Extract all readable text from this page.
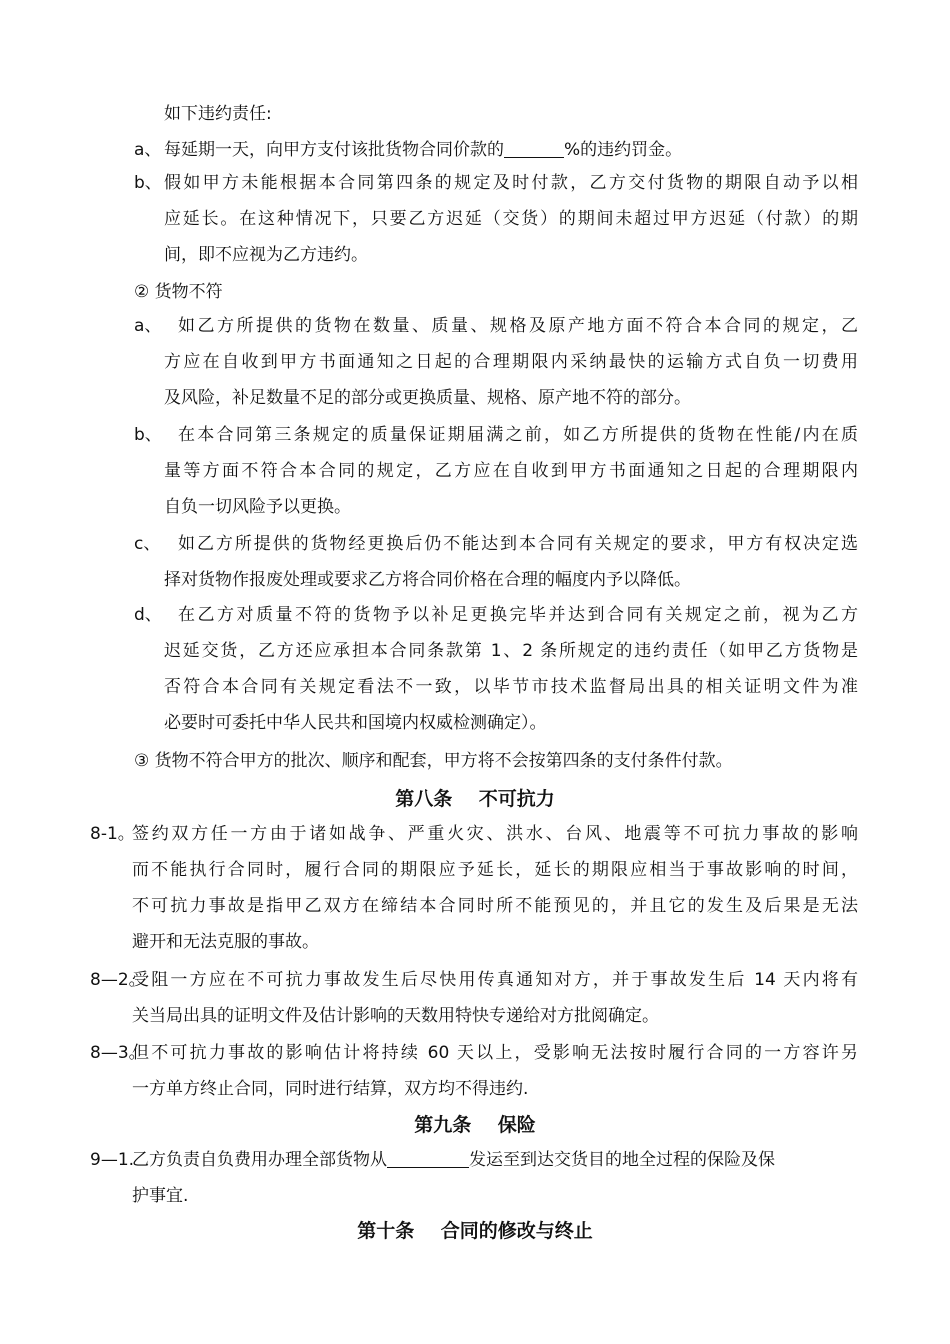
如下违约责任:
a、 每延期一天，向甲方支付该批货物合同价款的	%的违约罚金。
b、 假如甲方未能根据本合同第四条的规定及时付款，乙方交付货物的期限自动予以相
应延长。在这种情况下，只要乙方迟延（交货）的期间未超过甲方迟延（付款）的期
间，即不应视为乙方违约。
② 货物不符
a、 如乙方所提供的货物在数量、质量、规格及原产地方面不符合本合同的规定，乙
方应在自收到甲方书面通知之日起的合理期限内采纳最快的运输方式自负一切费用
及风险，补足数量不足的部分或更换质量、规格、原产地不符的部分。
b、 在本合同第三条规定的质量保证期届满之前，如乙方所提供的货物在性能/内在质
量等方面不符合本合同的规定，乙方应在自收到甲方书面通知之日起的合理期限内
自负一切风险予以更换。
c、	如乙方所提供的货物经更换后仍不能达到本合同有关规定的要求，甲方有权决定选
择对货物作报废处理或要求乙方将合同价格在合理的幅度内予以降低。
d、 在乙方对质量不符的货物予以补足更换完毕并达到合同有关规定之前，视为乙方
迟延交货，乙方还应承担本合同条款第 1、2 条所规定的违约责任（如甲乙方货物是
否符合本合同有关规定看法不一致，以毕节市技术监督局出具的相关证明文件为准
必要时可委托中华人民共和国境内权威检测确定）。
③ 货物不符合甲方的批次、顺序和配套，甲方将不会按第四条的支付条件付款。
第八条    不可抗力
8-1。
签约双方任一方由于诸如战争、严重火灾、洪水、台风、地震等不可抗力事故的影响
而不能执行合同时，履行合同的期限应予延长，延长的期限应相当于事故影响的时间，
不可抗力事故是指甲乙双方在缔结本合同时所不能预见的，并且它的发生及后果是无法
避开和无法克服的事故。
8—2。
受阻一方应在不可抗力事故发生后尽快用传真通知对方，并于事故发生后 14 天内将有
关当局出具的证明文件及估计影响的天数用特快专递给对方批阅确定。
8—3。
但不可抗力事故的影响估计将持续 60 天以上，受影响无法按时履行合同的一方容许另
一方单方终止合同，同时进行结算，双方均不得违约.
第九条    保险
9—1.
乙方负责自负费用办理全部货物从	发运至到达交货目的地全过程的保险及保
护事宜.
第十条    合同的修改与终止
